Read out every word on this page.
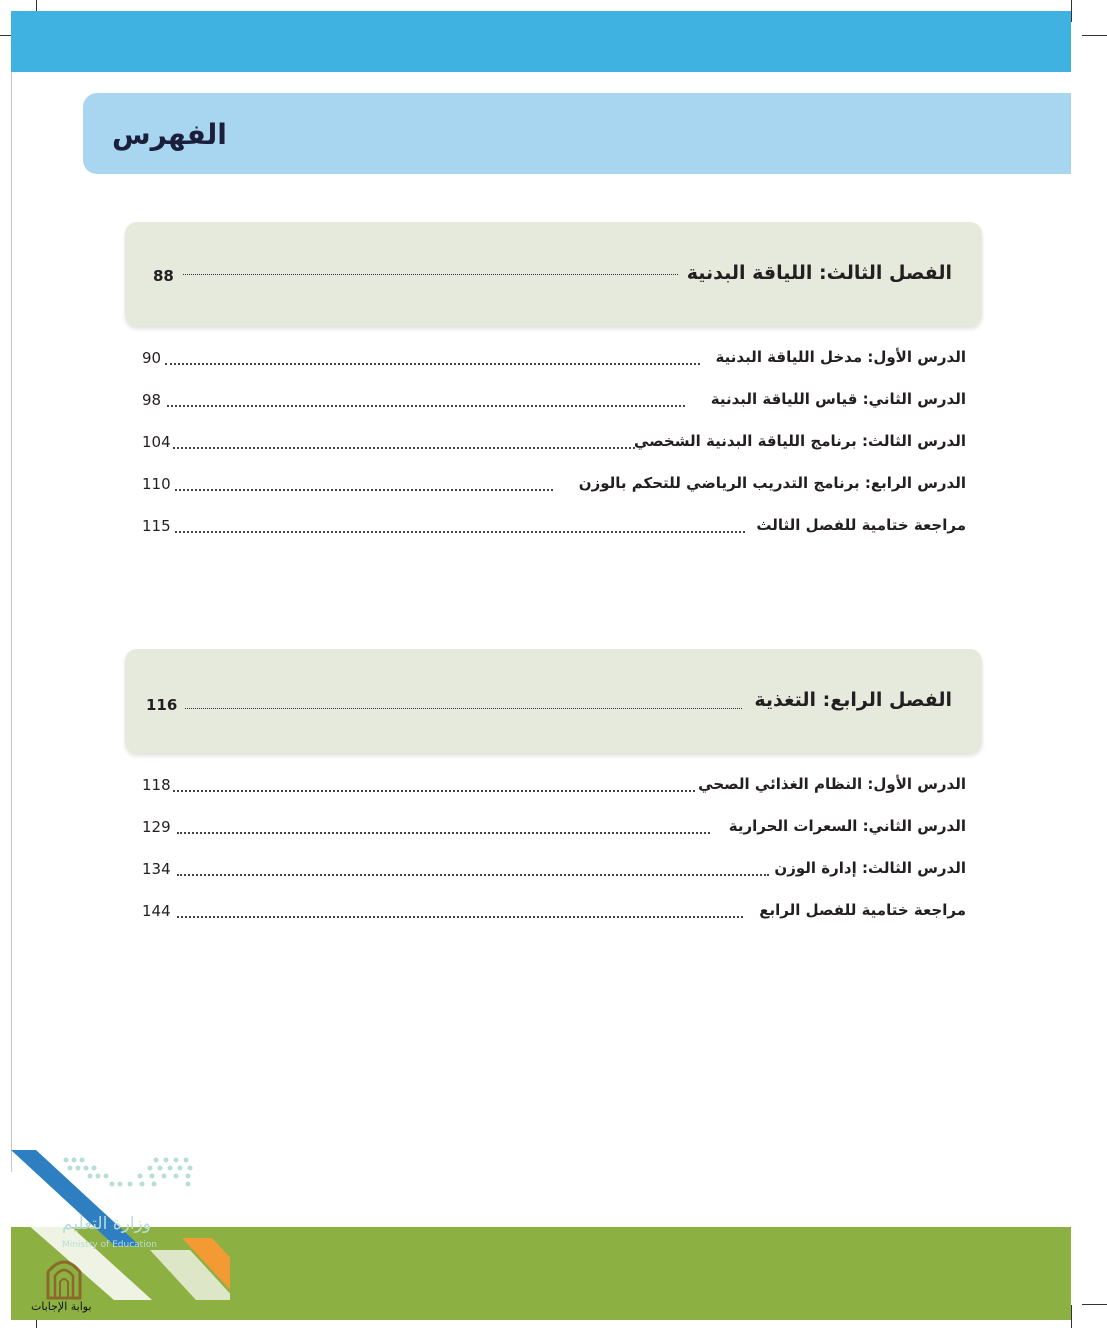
الفهرس
الفصل الثالث: اللياقة البدنية
88
الدرس الأول: مدخل اللياقة البدنية
90
الدرس الثاني: قياس اللياقة البدنية
98
الدرس الثالث: برنامج اللياقة البدنية الشخصي
104
الدرس الرابع: برنامج التدريب الرياضي للتحكم بالوزن
110
مراجعة ختامية للفصل الثالث
115
الفصل الرابع: التغذية
116
الدرس الأول: النظام الغذائي الصحي
118
الدرس الثاني: السعرات الحرارية
129
الدرس الثالث: إدارة الوزن
134
مراجعة ختامية للفصل الرابع
144
وزارة التعليم
Ministry of Education
بوابة الإجابات
